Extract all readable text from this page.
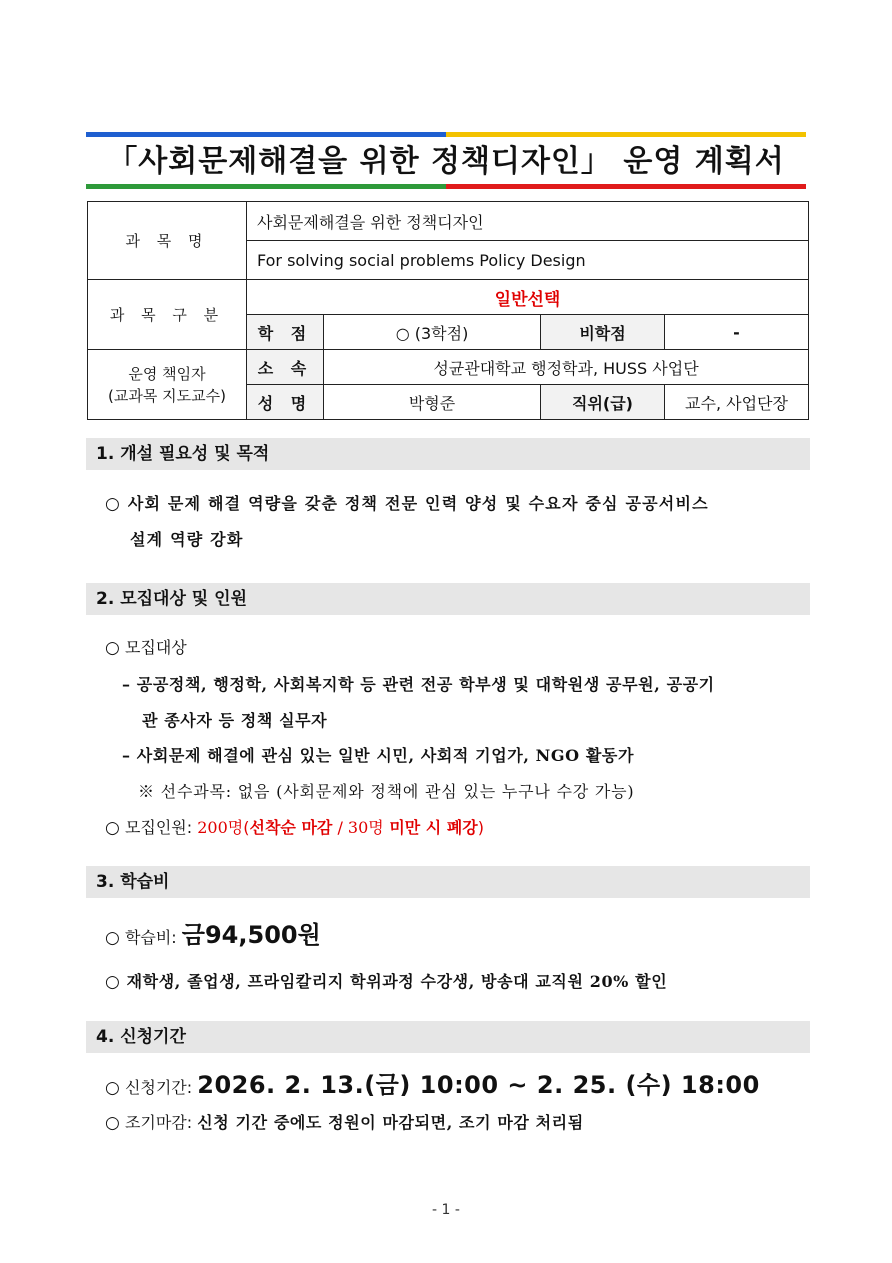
「사회문제해결을 위한 정책디자인」 운영 계획서
과 목 명	사회문제해결을 위한 정책디자인			
	For solving social problems Policy Design			
과 목 구 분	일반선택			
	학 점	○ (3학점)	비학점	-

운영 책임자
(교과목 지도교수)	소 속	성균관대학교 행정학과, HUSS 사업단		
	성 명	박형준	직위(급)	교수, 사업단장
1. 개설 필요성 및 목적
○ 사회 문제 해결 역량을 갖춘 정책 전문 인력 양성 및 수요자 중심 공공서비스
설계 역량 강화
2. 모집대상 및 인원
○ 모집대상
– 공공정책, 행정학, 사회복지학 등 관련 전공 학부생 및 대학원생 공무원, 공공기
관 종사자 등 정책 실무자
– 사회문제 해결에 관심 있는 일반 시민, 사회적 기업가, NGO 활동가
※ 선수과목: 없음 (사회문제와 정책에 관심 있는 누구나 수강 가능)
○ 모집인원: 200명(선착순 마감 / 30명 미만 시 폐강)
3. 학습비
○ 학습비: 금94,500원
○ 재학생, 졸업생, 프라임칼리지 학위과정 수강생, 방송대 교직원 20% 할인
4. 신청기간
○ 신청기간: 2026. 2. 13.(금) 10:00 ~ 2. 25. (수) 18:00
○ 조기마감: 신청 기간 중에도 정원이 마감되면, 조기 마감 처리됨
- 1 -
